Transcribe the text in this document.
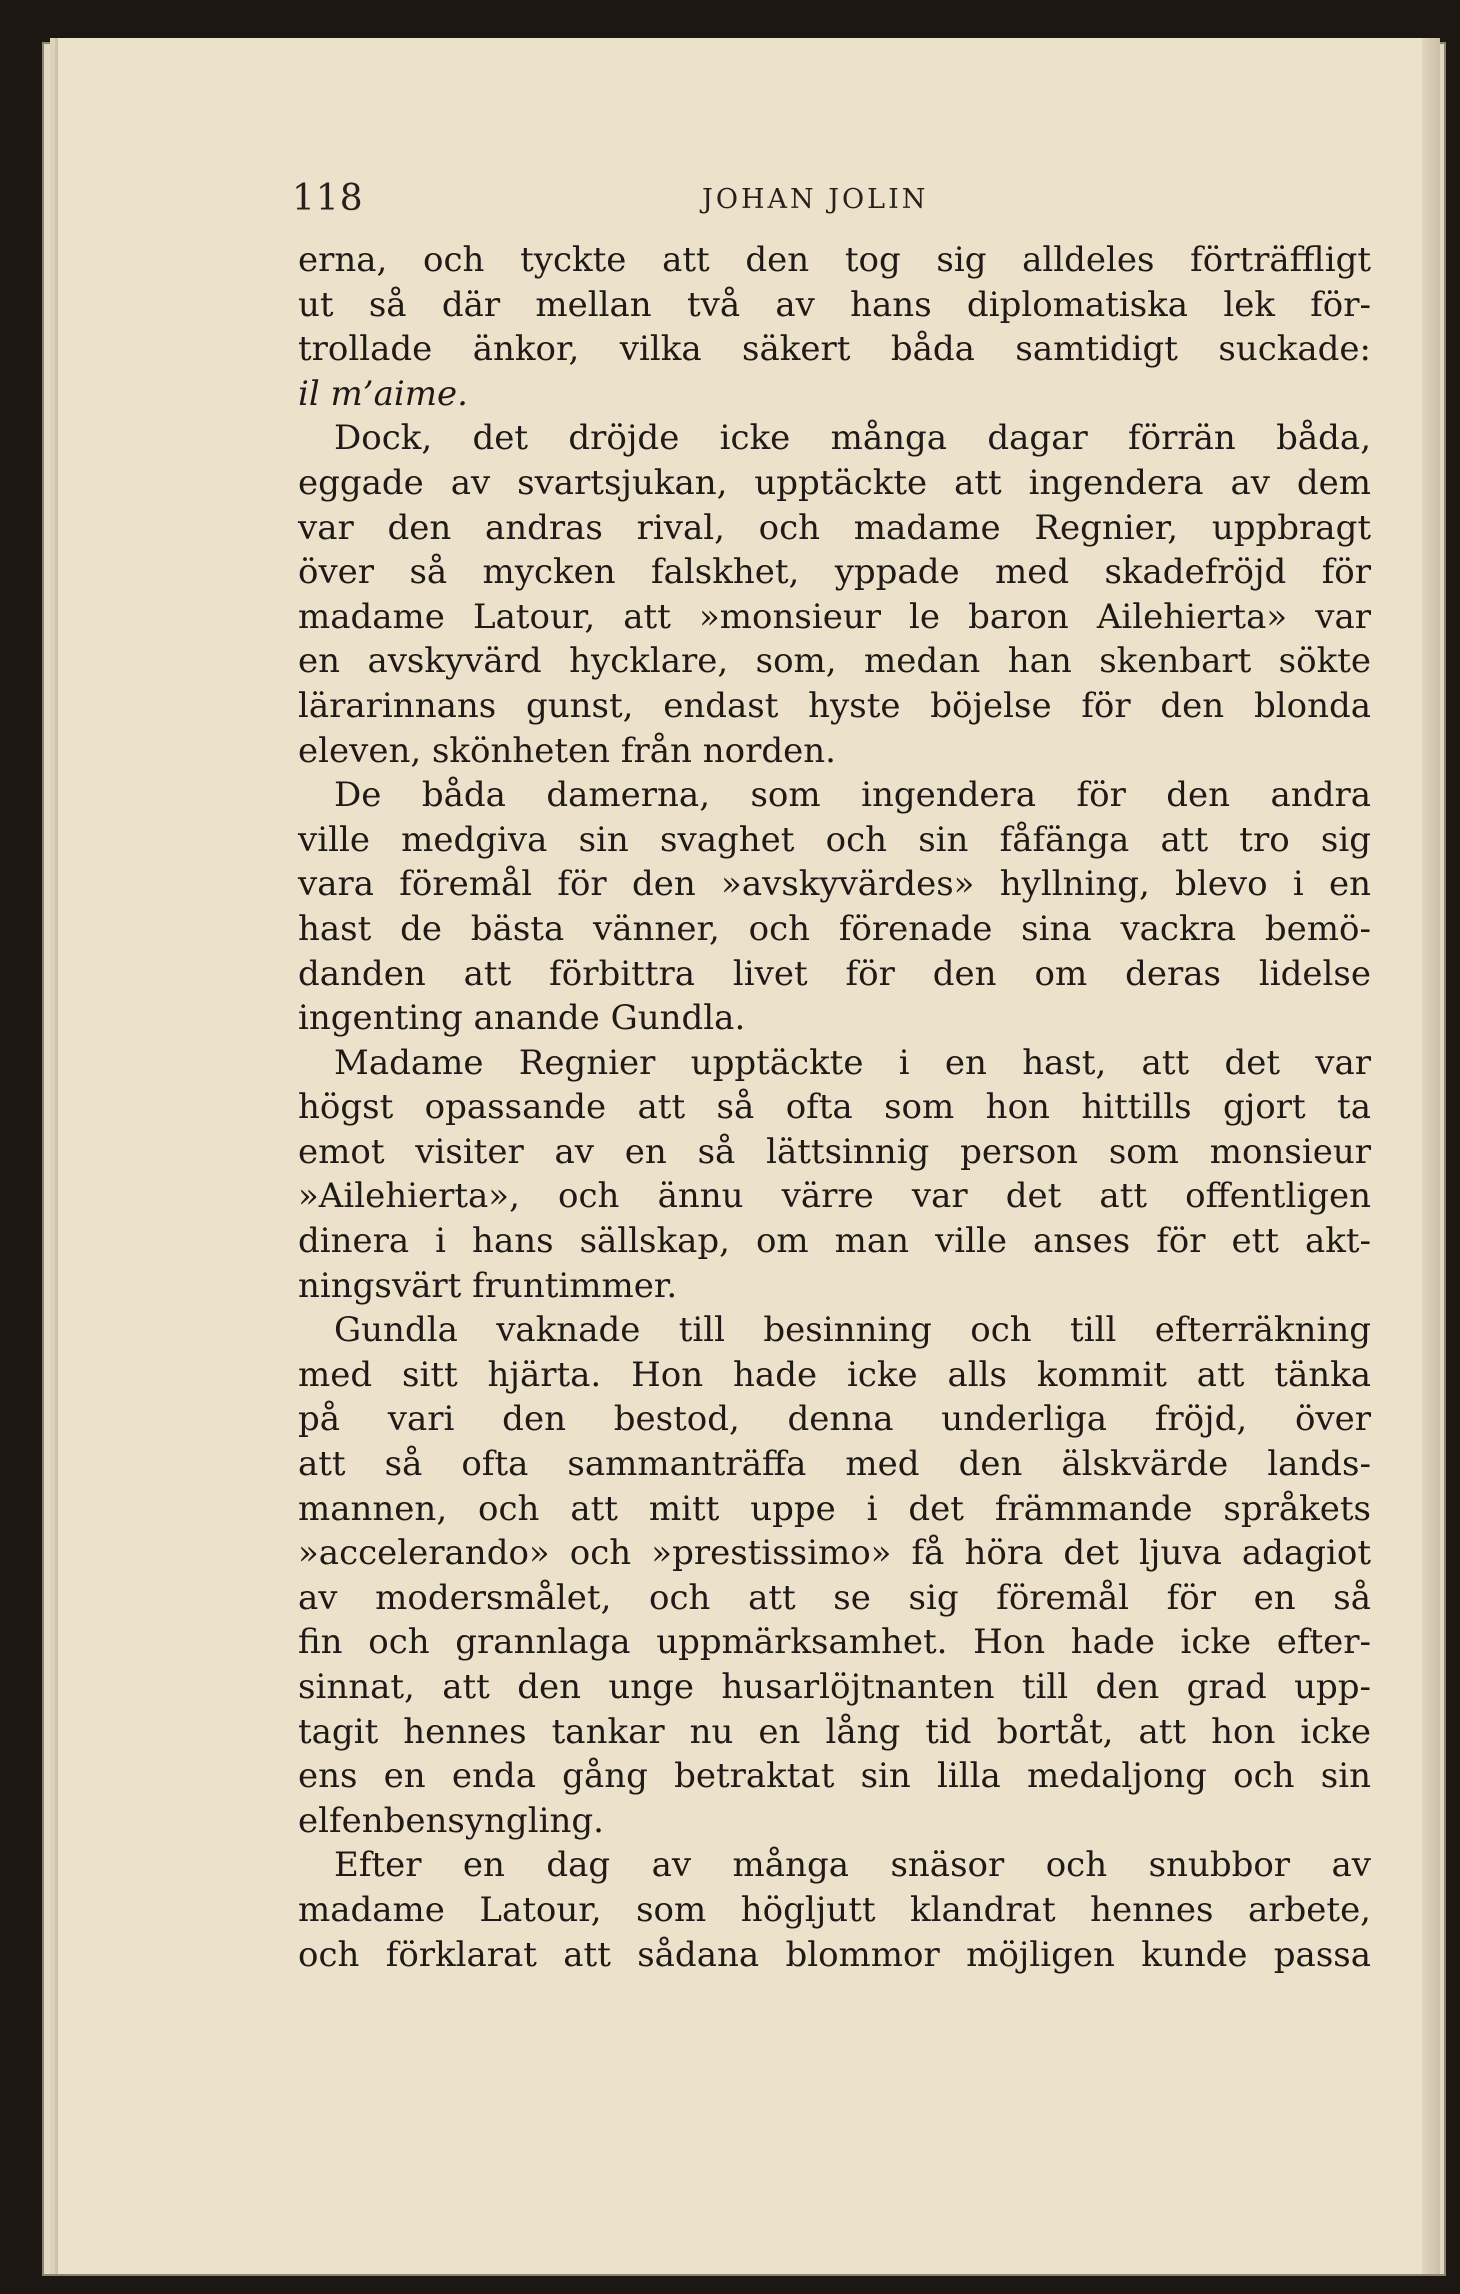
118	JOHAN JOLIN
erna, och tyckte att den tog sig alldeles förträffligt
ut så där mellan två av hans diplomatiska lek för-
trollade änkor, vilka säkert båda samtidigt suckade:
il m’aime.
Dock, det dröjde icke många dagar förrän båda,
eggade av svartsjukan, upptäckte att ingendera av dem
var den andras rival, och madame Regnier, uppbragt
över så mycken falskhet, yppade med skadefröjd för
madame Latour, att »monsieur le baron Ailehierta» var
en avskyvärd hycklare, som, medan han skenbart sökte
lärarinnans gunst, endast hyste böjelse för den blonda
eleven, skönheten från norden.
De båda damerna, som ingendera för den andra
ville medgiva sin svaghet och sin fåfänga att tro sig
vara föremål för den »avskyvärdes» hyllning, blevo i en
hast de bästa vänner, och förenade sina vackra bemö-
danden att förbittra livet för den om deras lidelse
ingenting anande Gundla.
Madame Regnier upptäckte i en hast, att det var
högst opassande att så ofta som hon hittills gjort ta
emot visiter av en så lättsinnig person som monsieur
»Ailehierta», och ännu värre var det att offentligen
dinera i hans sällskap, om man ville anses för ett akt-
ningsvärt fruntimmer.
Gundla vaknade till besinning och till efterräkning
med sitt hjärta. Hon hade icke alls kommit att tänka
på vari den bestod, denna underliga fröjd, över
att så ofta sammanträffa med den älskvärde lands-
mannen, och att mitt uppe i det främmande språkets
»accelerando» och »prestissimo» få höra det ljuva adagiot
av modersmålet, och att se sig föremål för en så
fin och grannlaga uppmärksamhet. Hon hade icke efter-
sinnat, att den unge husarlöjtnanten till den grad upp-
tagit hennes tankar nu en lång tid bortåt, att hon icke
ens en enda gång betraktat sin lilla medaljong och sin
elfenbensyngling.
Efter en dag av många snäsor och snubbor av
madame Latour, som högljutt klandrat hennes arbete,
och förklarat att sådana blommor möjligen kunde passa
